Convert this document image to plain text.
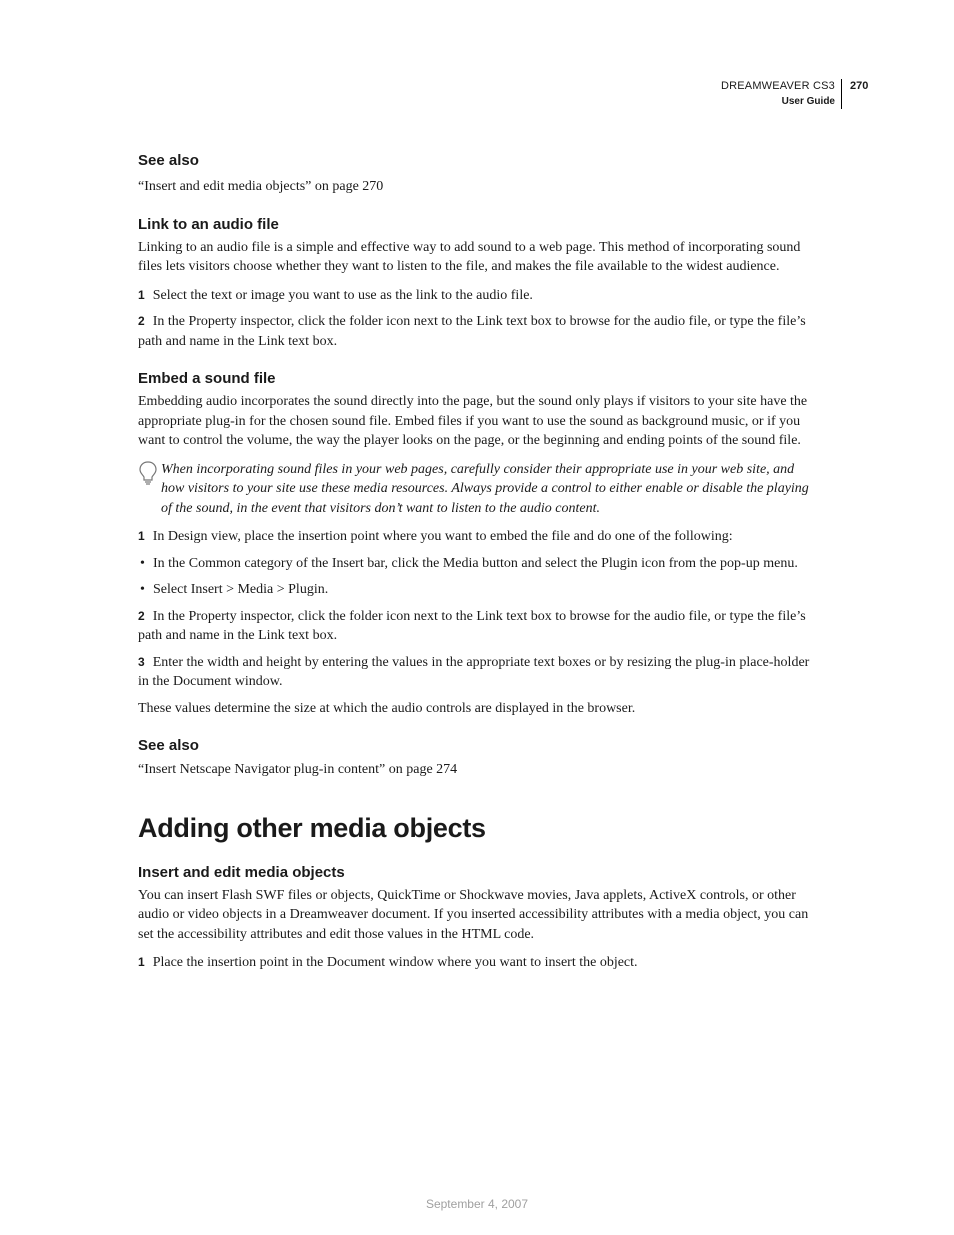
DREAMWEAVER CS3
User Guide
270
See also

“Insert and edit media objects” on page 270

Link to an audio file

Linking to an audio file is a simple and effective way to add sound to a web page. This method of incorporating sound files lets visitors choose whether they want to listen to the file, and makes the file available to the widest audience.

1 Select the text or image you want to use as the link to the audio file.

2 In the Property inspector, click the folder icon next to the Link text box to browse for the audio file, or type the file’s path and name in the Link text box.

Embed a sound file

Embedding audio incorporates the sound directly into the page, but the sound only plays if visitors to your site have the appropriate plug-in for the chosen sound file. Embed files if you want to use the sound as background music, or if you want to control the volume, the way the player looks on the page, or the beginning and ending points of the sound file.

When incorporating sound files in your web pages, carefully consider their appropriate use in your web site, and how visitors to your site use these media resources. Always provide a control to either enable or disable the playing of the sound, in the event that visitors don’t want to listen to the audio content.

1 In Design view, place the insertion point where you want to embed the file and do one of the following:

• In the Common category of the Insert bar, click the Media button and select the Plugin icon from the pop-up menu.

• Select Insert > Media > Plugin.

2 In the Property inspector, click the folder icon next to the Link text box to browse for the audio file, or type the file’s path and name in the Link text box.

3 Enter the width and height by entering the values in the appropriate text boxes or by resizing the plug-in place-holder in the Document window.

These values determine the size at which the audio controls are displayed in the browser.

See also

“Insert Netscape Navigator plug-in content” on page 274

Adding other media objects
Insert and edit media objects

You can insert Flash SWF files or objects, QuickTime or Shockwave movies, Java applets, ActiveX controls, or other audio or video objects in a Dreamweaver document. If you inserted accessibility attributes with a media object, you can set the accessibility attributes and edit those values in the HTML code.

1 Place the insertion point in the Document window where you want to insert the object.

September 4, 2007
